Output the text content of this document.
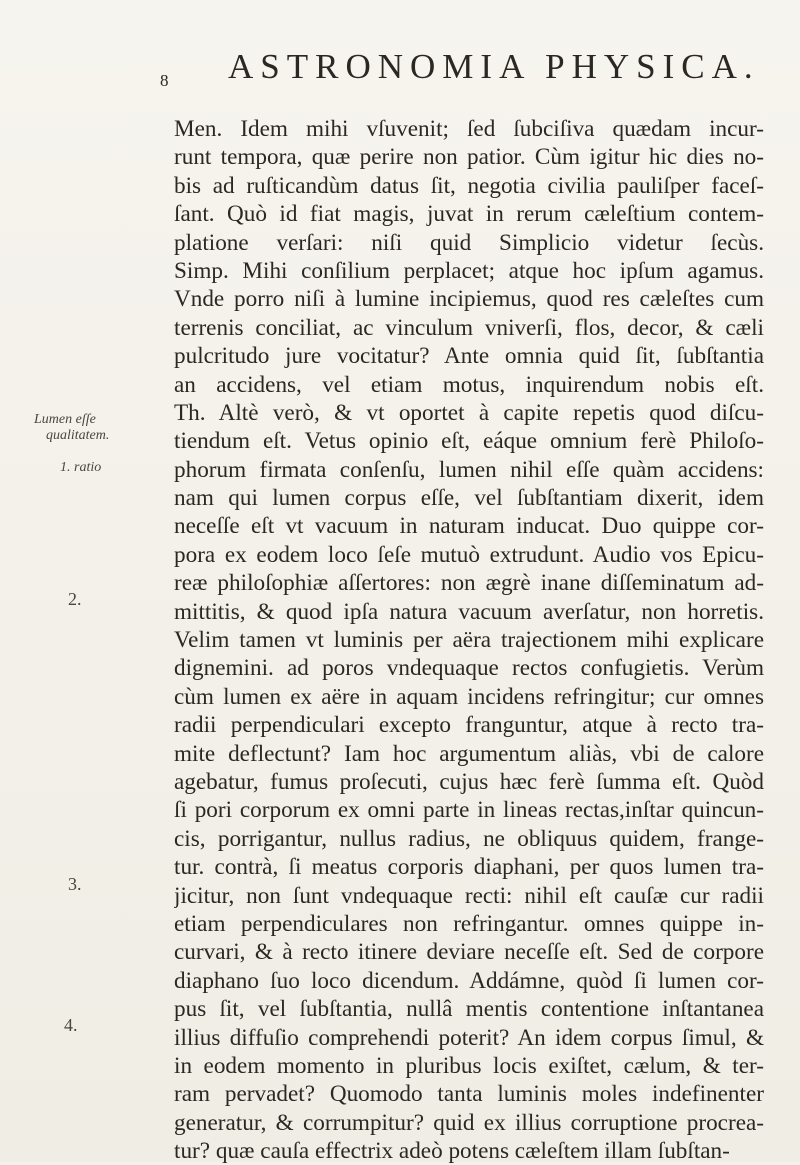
8 ASTRONOMIA PHYSICA.
Lumen eſſe
qualitatem.
1. ratio
2.
3.
4.
Men. Idem mihi vſuvenit; ſed ſubciſiva quædam incur-
runt tempora, quæ perire non patior. Cùm igitur hic dies no-
bis ad ruſticandùm datus ſit, negotia civilia pauliſper faceſ-
ſant. Quò id fiat magis, juvat in rerum cæleſtium contem-
platione verſari: niſi quid Simplicio videtur ſecùs.
Simp. Mihi conſilium perplacet; atque hoc ipſum agamus.
Vnde porro niſi à lumine incipiemus, quod res cæleſtes cum
terrenis conciliat, ac vinculum vniverſi, flos, decor, & cæli
pulcritudo jure vocitatur? Ante omnia quid ſit, ſubſtantia
an accidens, vel etiam motus, inquirendum nobis eſt.
Th. Altè verò, & vt oportet à capite repetis quod diſcu-
tiendum eſt. Vetus opinio eſt, eáque omnium ferè Philoſo-
phorum firmata conſenſu, lumen nihil eſſe quàm accidens:
nam qui lumen corpus eſſe, vel ſubſtantiam dixerit, idem
neceſſe eſt vt vacuum in naturam inducat. Duo quippe cor-
pora ex eodem loco ſeſe mutuò extrudunt. Audio vos Epicu-
reæ philoſophiæ aſſertores: non ægrè inane diſſeminatum ad-
mittitis, & quod ipſa natura vacuum averſatur, non horretis.
Velim tamen vt luminis per aëra trajectionem mihi explicare
dignemini. ad poros vndequaque rectos confugietis. Verùm
cùm lumen ex aëre in aquam incidens refringitur; cur omnes
radii perpendiculari excepto franguntur, atque à recto tra-
mite deflectunt? Iam hoc argumentum aliàs, vbi de calore
agebatur, fumus proſecuti, cujus hæc ferè ſumma eſt. Quòd
ſi pori corporum ex omni parte in lineas rectas,inſtar quincun-
cis, porrigantur, nullus radius, ne obliquus quidem, frange-
tur. contrà, ſi meatus corporis diaphani, per quos lumen tra-
jicitur, non ſunt vndequaque recti: nihil eſt cauſæ cur radii
etiam perpendiculares non refringantur. omnes quippe in-
curvari, & à recto itinere deviare neceſſe eſt. Sed de corpore
diaphano ſuo loco dicendum. Addámne, quòd ſi lumen cor-
pus ſit, vel ſubſtantia, nullâ mentis contentione inſtantanea
illius diffuſio comprehendi poterit? An idem corpus ſimul, &
in eodem momento in pluribus locis exiſtet, cælum, & ter-
ram pervadet? Quomodo tanta luminis moles indefinenter
generatur, & corrumpitur? quid ex illius corruptione procrea-
tur? quæ cauſa effectrix adeò potens cæleſtem illam ſubſtan-
